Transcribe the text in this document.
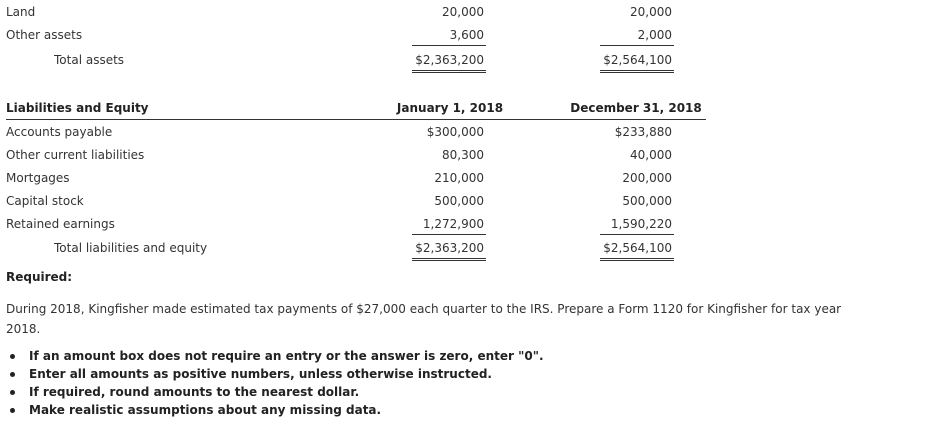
Land	20,000	20,000
Other assets	3,600	2,000
Total assets	$2,363,200	$2,564,100
Liabilities and Equity	January 1, 2018	December 31, 2018
Accounts payable	$300,000	$233,880
Other current liabilities	80,300	40,000
Mortgages	210,000	200,000
Capital stock	500,000	500,000
Retained earnings	1,272,900	1,590,220
Total liabilities and equity	$2,363,200	$2,564,100
Required:
During 2018, Kingfisher made estimated tax payments of $27,000 each quarter to the IRS. Prepare a Form 1120 for Kingfisher for tax year 2018.
If an amount box does not require an entry or the answer is zero, enter "0".
Enter all amounts as positive numbers, unless otherwise instructed.
If required, round amounts to the nearest dollar.
Make realistic assumptions about any missing data.
